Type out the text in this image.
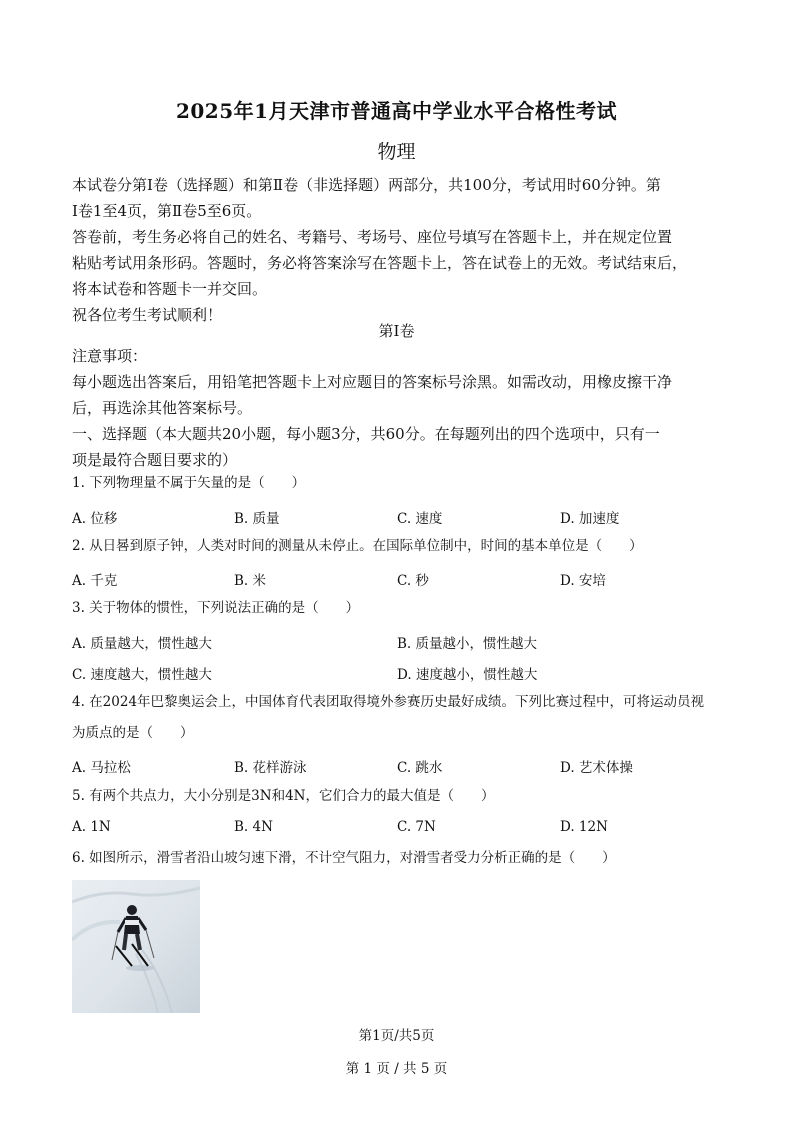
2025年1月天津市普通高中学业水平合格性考试
物理
本试卷分第Ⅰ卷（选择题）和第Ⅱ卷（非选择题）两部分，共100分，考试用时60分钟。第
Ⅰ卷1至4页，第Ⅱ卷5至6页。
答卷前，考生务必将自己的姓名、考籍号、考场号、座位号填写在答题卡上，并在规定位置
粘贴考试用条形码。答题时，务必将答案涂写在答题卡上，答在试卷上的无效。考试结束后，
将本试卷和答题卡一并交回。
祝各位考生考试顺利！
第Ⅰ卷
注意事项：
每小题选出答案后，用铅笔把答题卡上对应题目的答案标号涂黑。如需改动，用橡皮擦干净
后，再选涂其他答案标号。
一、选择题（本大题共20小题，每小题3分，共60分。在每题列出的四个选项中，只有一
项是最符合题目要求的）
1. 下列物理量不属于矢量的是（　　）
A. 位移	B. 质量	C. 速度	D. 加速度
2. 从日晷到原子钟，人类对时间的测量从未停止。在国际单位制中，时间的基本单位是（　　）
A. 千克	B. 米	C. 秒	D. 安培
3. 关于物体的惯性，下列说法正确的是（　　）
A. 质量越大，惯性越大	B. 质量越小，惯性越大
C. 速度越大，惯性越大	D. 速度越小，惯性越大
4. 在2024年巴黎奥运会上，中国体育代表团取得境外参赛历史最好成绩。下列比赛过程中，可将运动员视
为质点的是（　　）
A. 马拉松	B. 花样游泳	C. 跳水	D. 艺术体操
5. 有两个共点力，大小分别是3N和4N，它们合力的最大值是（　　）
A. 1N	B. 4N	C. 7N	D. 12N
6. 如图所示，滑雪者沿山坡匀速下滑，不计空气阻力，对滑雪者受力分析正确的是（　　）
第1页/共5页
第 1 页 / 共 5 页
